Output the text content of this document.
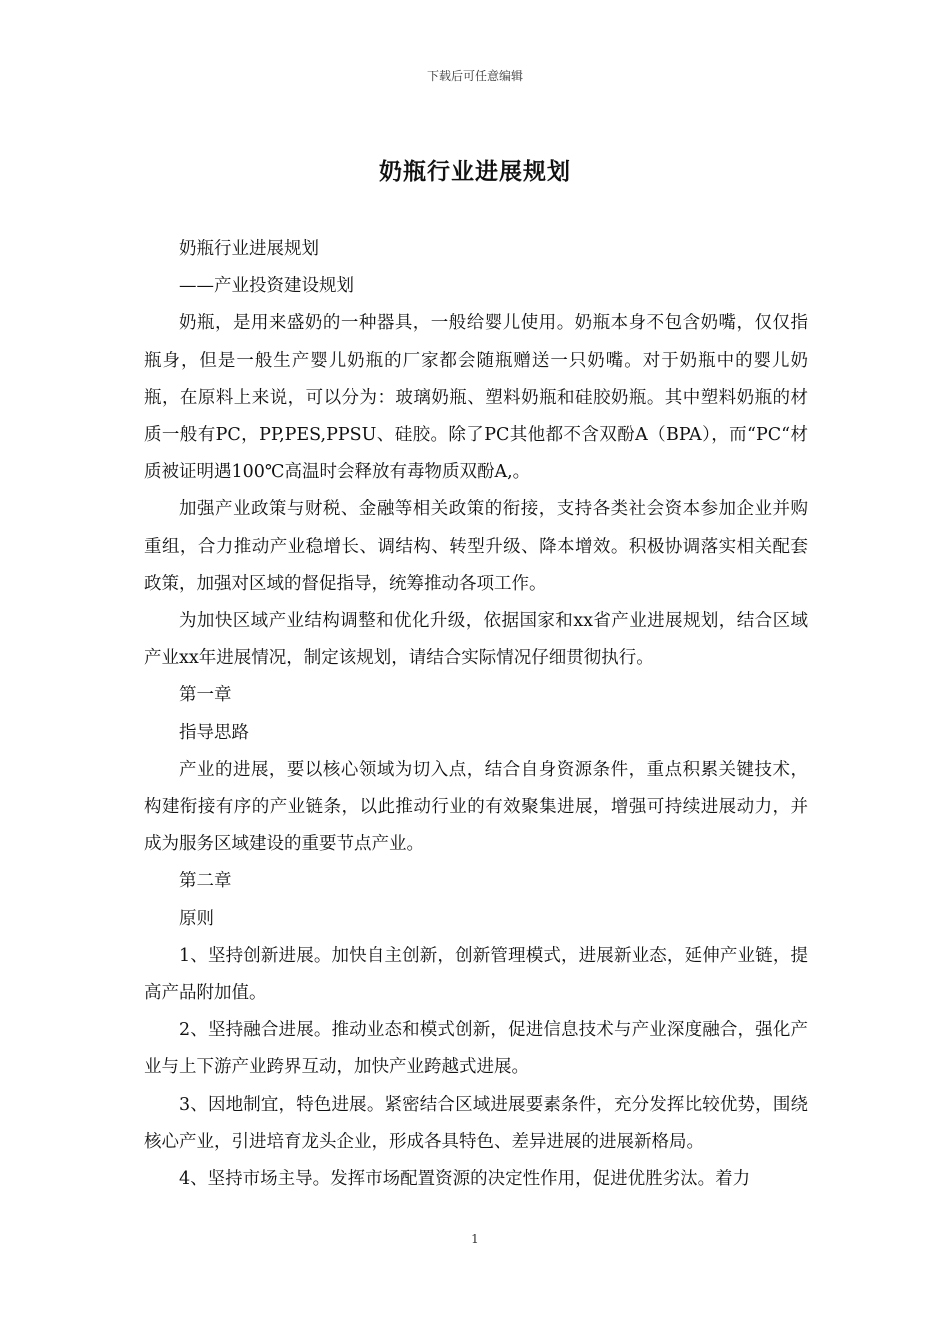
下载后可任意编辑
奶瓶行业进展规划

奶瓶行业进展规划

——产业投资建设规划

奶瓶，是用来盛奶的一种器具，一般给婴儿使用。奶瓶本身不包含奶嘴，仅仅指瓶身，但是一般生产婴儿奶瓶的厂家都会随瓶赠送一只奶嘴。对于奶瓶中的婴儿奶瓶，在原料上来说，可以分为：玻璃奶瓶、塑料奶瓶和硅胶奶瓶。其中塑料奶瓶的材质一般有PC，PP,PES,PPSU、硅胶。除了PC其他都不含双酚A（BPA），而“PC“材质被证明遇100℃高温时会释放有毒物质双酚A,。

加强产业政策与财税、金融等相关政策的衔接，支持各类社会资本参加企业并购重组，合力推动产业稳增长、调结构、转型升级、降本增效。积极协调落实相关配套政策，加强对区域的督促指导，统筹推动各项工作。

为加快区域产业结构调整和优化升级，依据国家和xx省产业进展规划，结合区域产业xx年进展情况，制定该规划，请结合实际情况仔细贯彻执行。

第一章

指导思路

产业的进展，要以核心领域为切入点，结合自身资源条件，重点积累关键技术，构建衔接有序的产业链条，以此推动行业的有效聚集进展，增强可持续进展动力，并成为服务区域建设的重要节点产业。

第二章

原则

1、坚持创新进展。加快自主创新，创新管理模式，进展新业态，延伸产业链，提高产品附加值。

2、坚持融合进展。推动业态和模式创新，促进信息技术与产业深度融合，强化产业与上下游产业跨界互动，加快产业跨越式进展。

3、因地制宜，特色进展。紧密结合区域进展要素条件，充分发挥比较优势，围绕核心产业，引进培育龙头企业，形成各具特色、差异进展的进展新格局。

4、坚持市场主导。发挥市场配置资源的决定性作用，促进优胜劣汰。着力

1
